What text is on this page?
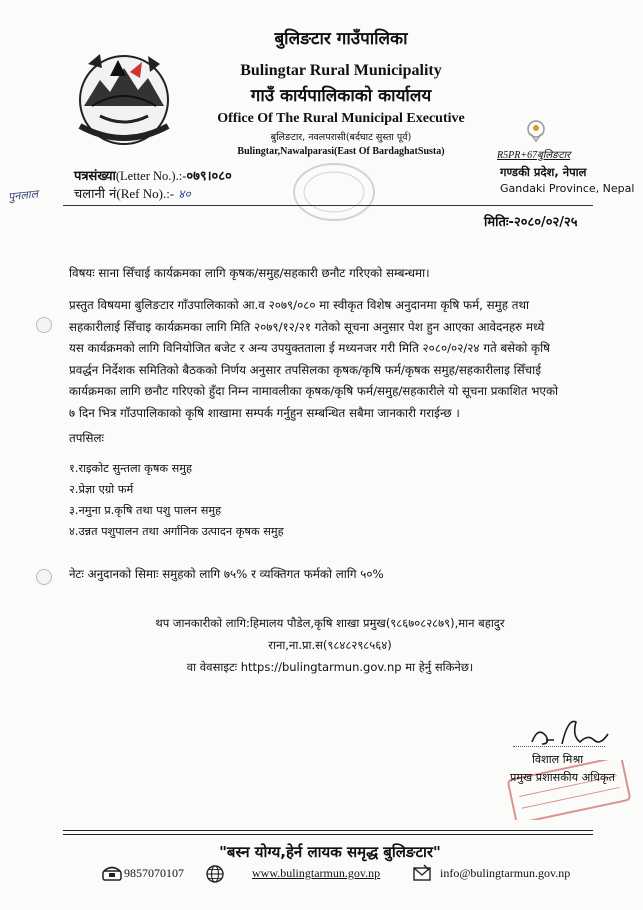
बुलिङटार गाउँपालिका
Bulingtar Rural Municipality
गाउँ कार्यपालिकाको कार्यालय
Office Of The Rural Municipal Executive
बुलिङटार, नवलपरासी(बर्दघाट सुस्ता पूर्व)
Bulingtar,Nawalparasi(East Of BardaghatSusta)	R5PR+67बुलिङटार
गण्डकी प्रदेश, नेपाल
Gandaki Province, Nepal
पत्रसंख्या(Letter No.).:-०७९।०८०
चलानी नं(Ref No).:- ४०
पुनलाल
मितिः-२०८०/०२/२५
विषयः साना सिँचाई कार्यक्रमका लागि कृषक/समुह/सहकारी छनौट गरिएको सम्बन्धमा।
प्रस्तुत विषयमा बुलिङटार गाँउपालिकाको आ.व २०७९/०८० मा स्वीकृत विशेष अनुदानमा कृषि फर्म, समुह तथा
सहकारीलाई सिँचाइ कार्यक्रमका लागि मिति २०७९/१२/२१ गतेको सूचना अनुसार पेश हुन आएका आवेदनहरु मध्ये
यस कार्यक्रमको लागि विनियोजित बजेट र अन्य उपयुक्तताला ई मध्यनजर गरी मिति २०८०/०२/२४ गते बसेको कृषि
प्रवर्द्धन निर्देशक समितिको बैठकको निर्णय अनुसार तपसिलका कृषक/कृषि फर्म/कृषक समुह/सहकारीलाइ सिँचाई
कार्यक्रमका लागि छनौट गरिएको हुँदा निम्न नामावलीका कृषक/कृषि फर्म/समुह/सहकारीले यो सूचना प्रकाशित भएको
७ दिन भित्र गाँउपालिकाको कृषि शाखामा सम्पर्क गर्नुहुन सम्बन्धित सबैमा जानकारी गराईन्छ ।
तपसिलः
१.राइकोट सुन्तला कृषक समुह
२.प्रेज्ञा एग्रो फर्म
३.नमुना प्र.कृषि तथा पशु पालन समुह
४.उन्नत पशुपालन तथा अर्गानिक उत्पादन कृषक समुह
नेटः अनुदानको सिमाः समुहको लागि ७५% र व्यक्तिगत फर्मको लागि ५०%
थप जानकारीको लागि:हिमालय पौडेल,कृषि शाखा प्रमुख(९८६७०८२८७९),मान बहादुर
राना,ना.प्रा.स(९८४८२९८५६४)
वा वेवसाइटः https://bulingtarmun.gov.np मा हेर्नु सकिनेछ।
विशाल मिश्रा
प्रमुख प्रशासकीय अधिकृत
"बस्न योग्य,हेर्न लायक समृद्ध बुलिङटार"
9857070107	www.bulingtarmun.gov.np	info@bulingtarmun.gov.np
